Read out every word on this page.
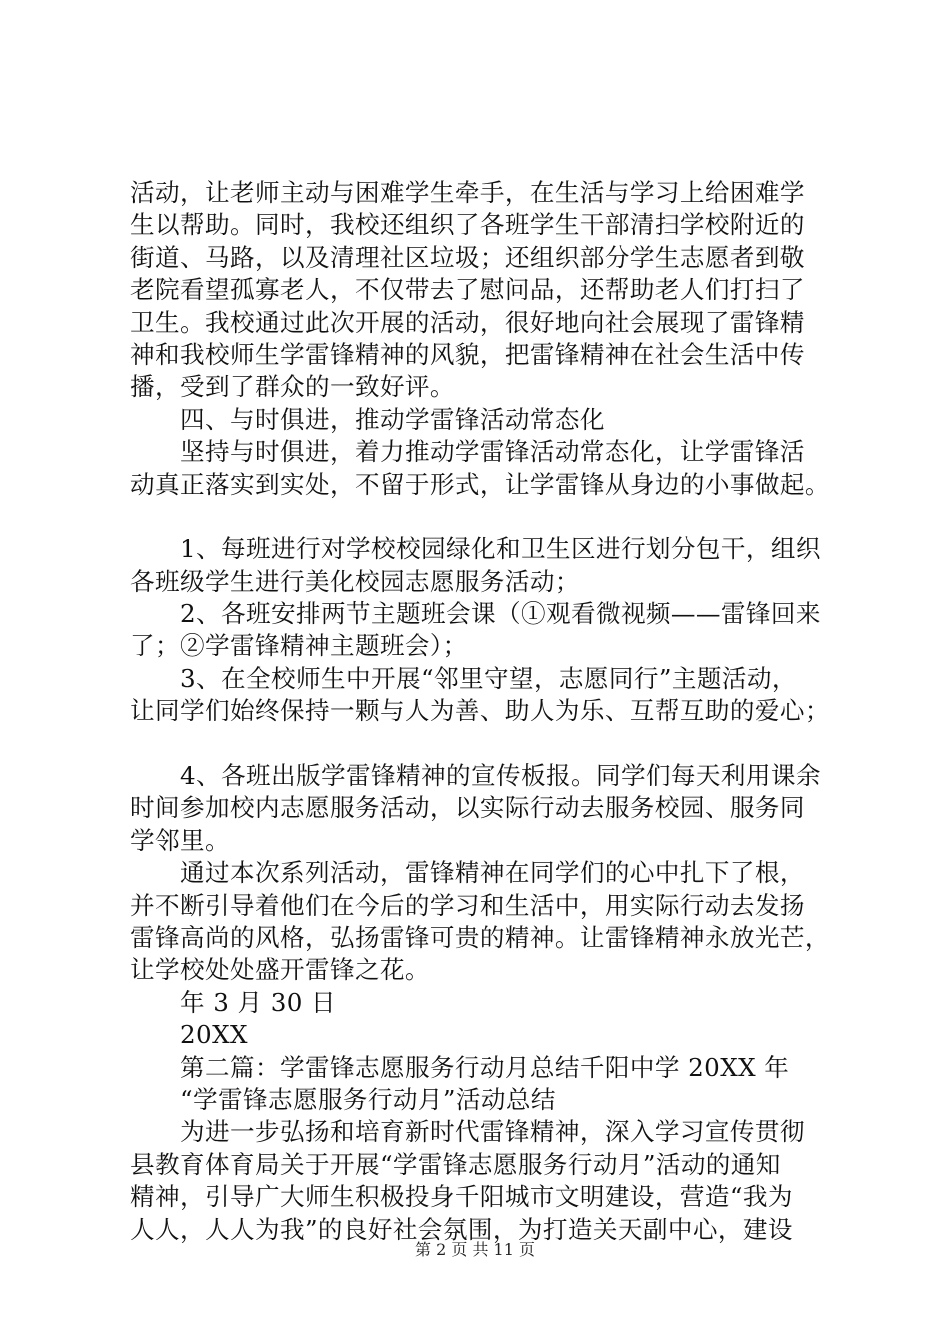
活动，让老师主动与困难学生牵手，在生活与学习上给困难学
生以帮助。同时，我校还组织了各班学生干部清扫学校附近的
街道、马路，以及清理社区垃圾；还组织部分学生志愿者到敬
老院看望孤寡老人，不仅带去了慰问品，还帮助老人们打扫了
卫生。我校通过此次开展的活动，很好地向社会展现了雷锋精
神和我校师生学雷锋精神的风貌，把雷锋精神在社会生活中传
播，受到了群众的一致好评。
四、与时俱进，推动学雷锋活动常态化
坚持与时俱进，着力推动学雷锋活动常态化，让学雷锋活
动真正落实到实处，不留于形式，让学雷锋从身边的小事做起。
1、每班进行对学校校园绿化和卫生区进行划分包干，组织
各班级学生进行美化校园志愿服务活动；
2、各班安排两节主题班会课（①观看微视频——雷锋回来
了；②学雷锋精神主题班会）；
3、在全校师生中开展“邻里守望，志愿同行”主题活动，
让同学们始终保持一颗与人为善、助人为乐、互帮互助的爱心；
4、各班出版学雷锋精神的宣传板报。同学们每天利用课余
时间参加校内志愿服务活动，以实际行动去服务校园、服务同
学邻里。
通过本次系列活动，雷锋精神在同学们的心中扎下了根，
并不断引导着他们在今后的学习和生活中，用实际行动去发扬
雷锋高尚的风格，弘扬雷锋可贵的精神。让雷锋精神永放光芒，
让学校处处盛开雷锋之花。
年 3 月 30 日
20XX
第二篇：学雷锋志愿服务行动月总结千阳中学 20XX 年
“学雷锋志愿服务行动月”活动总结
为进一步弘扬和培育新时代雷锋精神，深入学习宣传贯彻
县教育体育局关于开展“学雷锋志愿服务行动月”活动的通知
精神，引导广大师生积极投身千阳城市文明建设，营造“我为
人人，人人为我”的良好社会氛围，为打造关天副中心，建设
第 2 页 共 11 页
